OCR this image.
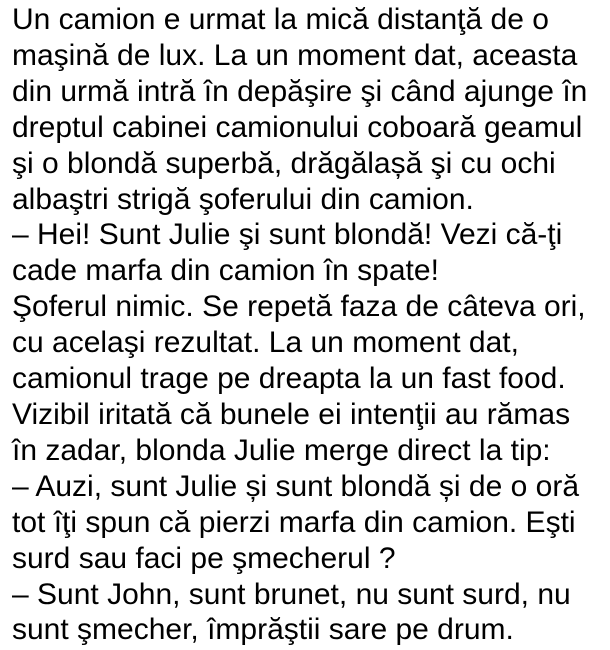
Un camion e urmat la mică distanţă de o
maşină de lux. La un moment dat, aceasta
din urmă intră în depăşire şi când ajunge în
dreptul cabinei camionului coboară geamul
şi o blondă superbă, drăgălașă şi cu ochi
albaştri strigă şoferului din camion.
– Hei! Sunt Julie şi sunt blondă! Vezi că-ţi
cade marfa din camion în spate!
Şoferul nimic. Se repetă faza de câteva ori,
cu acelaşi rezultat. La un moment dat,
camionul trage pe dreapta la un fast food.
Vizibil iritată că bunele ei intenţii au rămas
în zadar, blonda Julie merge direct la tip:
– Auzi, sunt Julie și sunt blondă și de o oră
tot îţi spun că pierzi marfa din camion. Eşti
surd sau faci pe şmecherul ?
– Sunt John, sunt brunet, nu sunt surd, nu
sunt şmecher, împrăştii sare pe drum.
